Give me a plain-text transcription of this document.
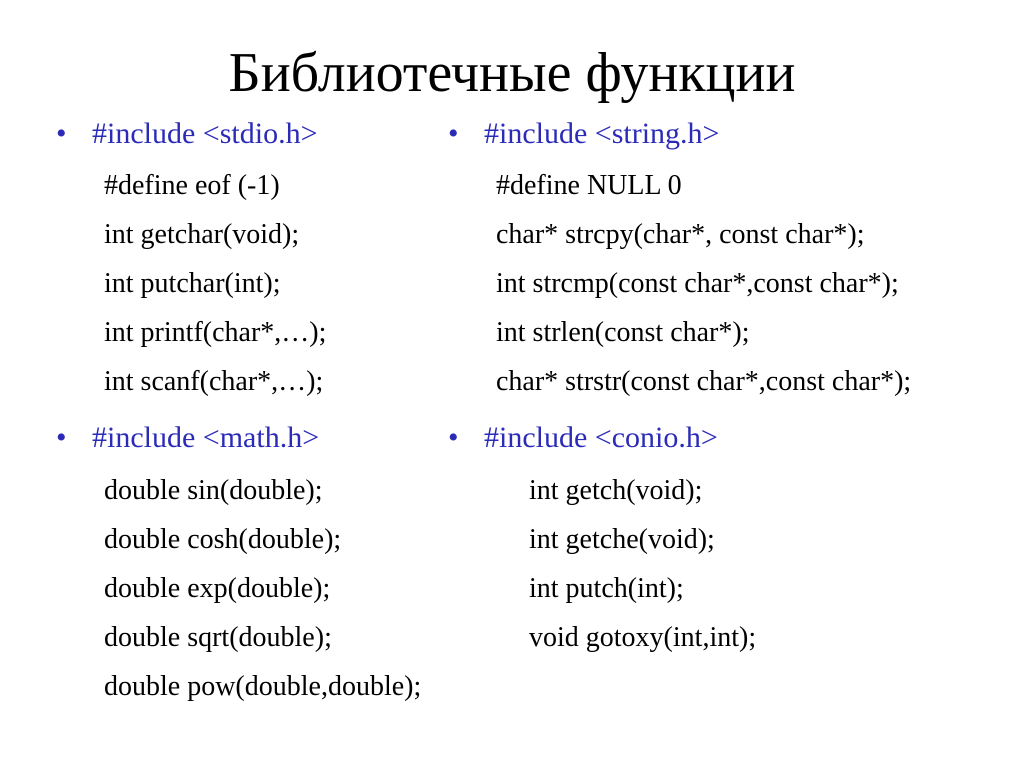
Библиотечные функции
• #include <stdio.h>
#define eof (-1)
int getchar(void);
int putchar(int);
int printf(char*,…);
int scanf(char*,…);
• #include <string.h>
#define NULL 0
char* strcpy(char*, const char*);
int strcmp(const char*,const char*);
int strlen(const char*);
char* strstr(const char*,const char*);
• #include <math.h>
double sin(double);
double cosh(double);
double exp(double);
double sqrt(double);
double pow(double,double);
• #include <conio.h>
int getch(void);
int getche(void);
int putch(int);
void gotoxy(int,int);
